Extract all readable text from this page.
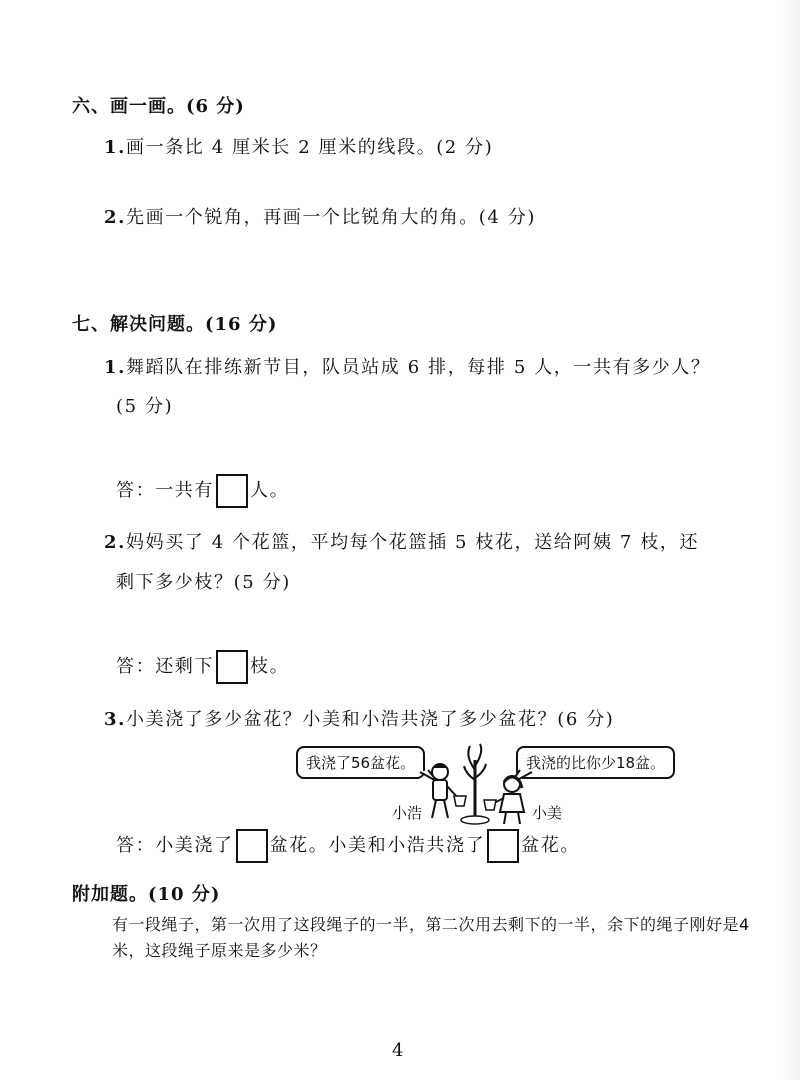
六、画一画。(6 分)
1.画一条比 4 厘米长 2 厘米的线段。(2 分)
2.先画一个锐角，再画一个比锐角大的角。(4 分)
七、解决问题。(16 分)
1.舞蹈队在排练新节目，队员站成 6 排，每排 5 人，一共有多少人？
(5 分)
答：一共有 人。
2.妈妈买了 4 个花篮，平均每个花篮插 5 枝花，送给阿姨 7 枝，还
剩下多少枝？(5 分)
答：还剩下 枝。
3.小美浇了多少盆花？小美和小浩共浇了多少盆花？(6 分)
我浇了56盆花。	我浇的比你少18盆。
小浩	小美
答：小美浇了 盆花。小美和小浩共浇了 盆花。
附加题。(10 分)
有一段绳子，第一次用了这段绳子的一半，第二次用去剩下的一半，余下的绳子刚好是4米，这段绳子原来是多少米？
4
